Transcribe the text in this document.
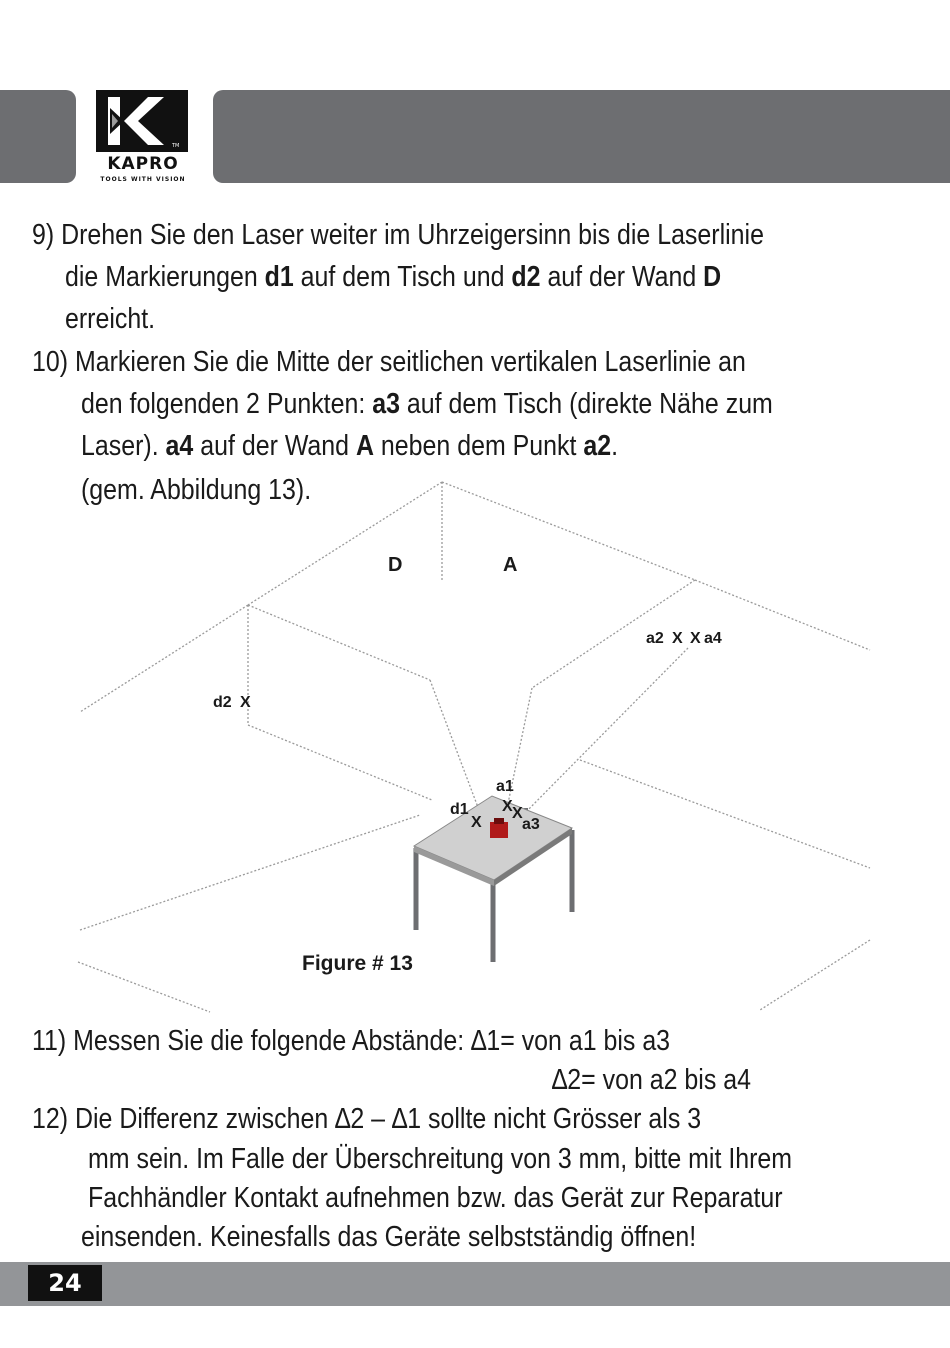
TM
KAPRO
TOOLS WITH VISION
9) Drehen Sie den Laser weiter im Uhrzeigersinn bis die Laserlinie
die Markierungen d1 auf dem Tisch und d2 auf der Wand D
erreicht.
10) Markieren Sie die Mitte der seitlichen vertikalen Laserlinie an
den folgenden 2 Punkten: a3 auf dem Tisch (direkte Nähe zum
Laser). a4 auf der Wand A neben dem Punkt a2.
(gem. Abbildung 13).
D	A
a2 X X a4
d2 X
a1
X X
a3
d1
X
Figure # 13
11) Messen Sie die folgende Abstände: ∆1= von a1 bis a3
∆2= von a2 bis a4
12) Die Differenz zwischen ∆2 – ∆1 sollte nicht Grösser als 3
mm sein. Im Falle der Überschreitung von 3 mm, bitte mit Ihrem
Fachhändler Kontakt aufnehmen bzw. das Gerät zur Reparatur
einsenden. Keinesfalls das Geräte selbstständig öffnen!
24
